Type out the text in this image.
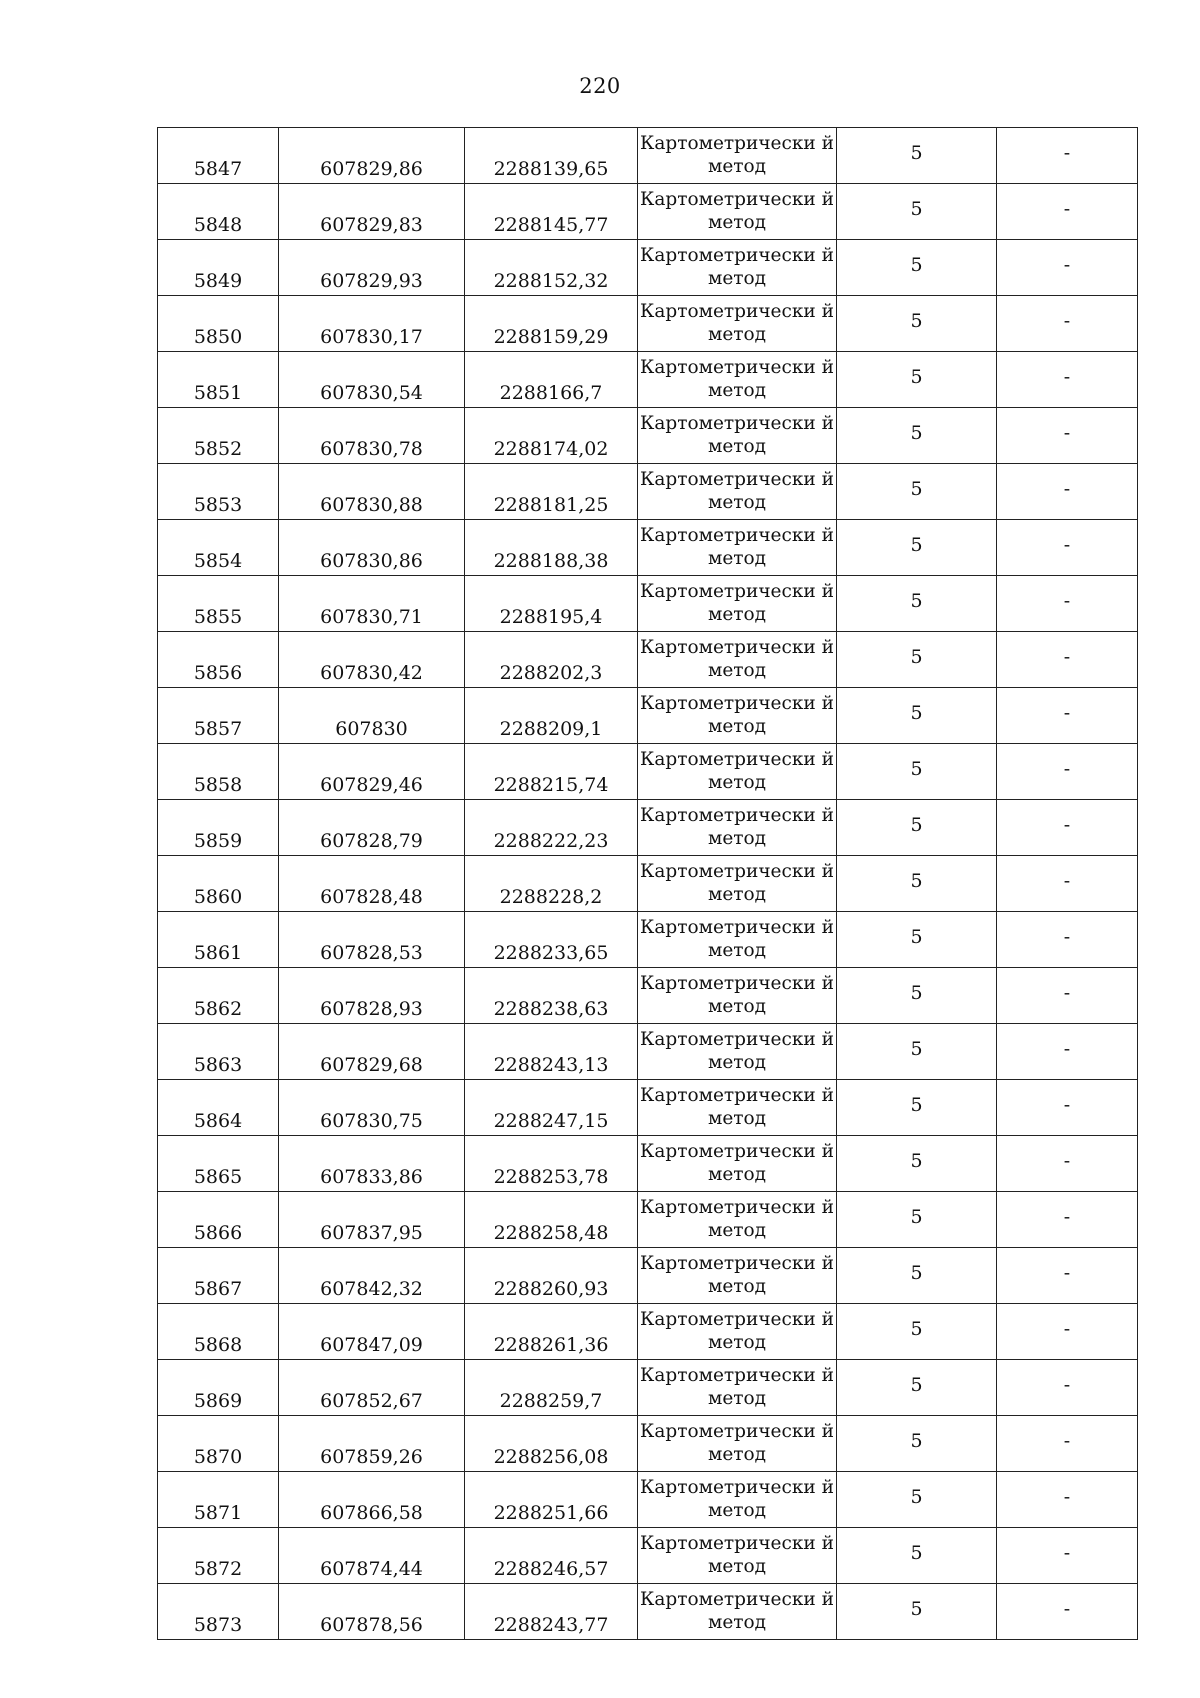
220
5847	607829,86	2288139,65	Картометрически й метод	5	-
5848	607829,83	2288145,77	Картометрически й метод	5	-
5849	607829,93	2288152,32	Картометрически й метод	5	-
5850	607830,17	2288159,29	Картометрически й метод	5	-
5851	607830,54	2288166,7	Картометрически й метод	5	-
5852	607830,78	2288174,02	Картометрически й метод	5	-
5853	607830,88	2288181,25	Картометрически й метод	5	-
5854	607830,86	2288188,38	Картометрически й метод	5	-
5855	607830,71	2288195,4	Картометрически й метод	5	-
5856	607830,42	2288202,3	Картометрически й метод	5	-
5857	607830	2288209,1	Картометрически й метод	5	-
5858	607829,46	2288215,74	Картометрически й метод	5	-
5859	607828,79	2288222,23	Картометрически й метод	5	-
5860	607828,48	2288228,2	Картометрически й метод	5	-
5861	607828,53	2288233,65	Картометрически й метод	5	-
5862	607828,93	2288238,63	Картометрически й метод	5	-
5863	607829,68	2288243,13	Картометрически й метод	5	-
5864	607830,75	2288247,15	Картометрически й метод	5	-
5865	607833,86	2288253,78	Картометрически й метод	5	-
5866	607837,95	2288258,48	Картометрически й метод	5	-
5867	607842,32	2288260,93	Картометрически й метод	5	-
5868	607847,09	2288261,36	Картометрически й метод	5	-
5869	607852,67	2288259,7	Картометрически й метод	5	-
5870	607859,26	2288256,08	Картометрически й метод	5	-
5871	607866,58	2288251,66	Картометрически й метод	5	-
5872	607874,44	2288246,57	Картометрически й метод	5	-
5873	607878,56	2288243,77	Картометрически й метод	5	-
